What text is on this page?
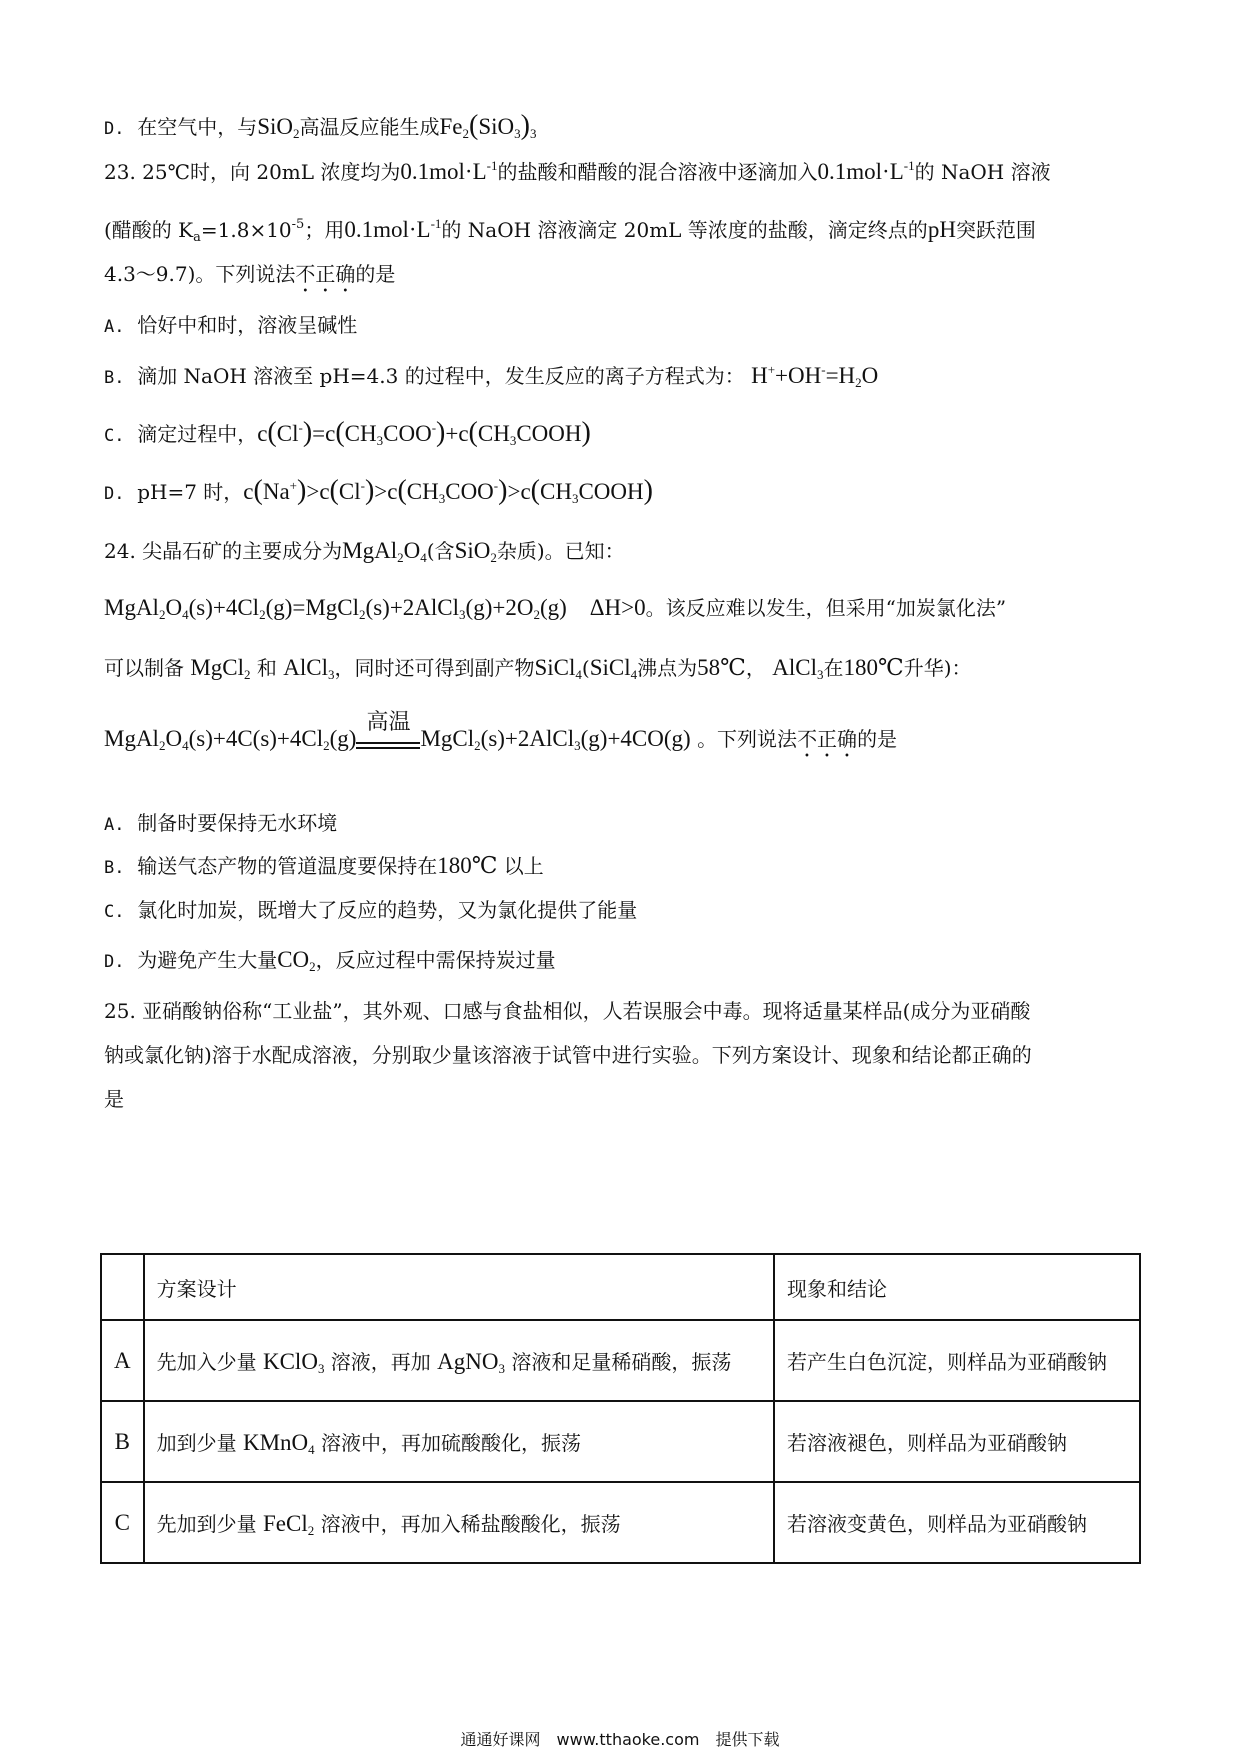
D. 在空气中，与SiO$_2$高温反应能生成$Fe_2(SiO_3)_3$
23. 25℃时，向 20mL 浓度均为$0.1mol\cdot L^{-1}$的盐酸和醋酸的混合溶液中逐滴加入$0.1mol\cdot L^{-1}$的 NaOH 溶液
(醋酸的 $K_a=1.8\times 10^{-5}$；用$0.1mol\cdot L^{-1}$的 NaOH 溶液滴定 20mL 等浓度的盐酸，滴定终点的pH突跃范围
4.3～9.7)。下列说法不正确的是
A. 恰好中和时，溶液呈碱性
B. 滴加 NaOH 溶液至 pH=4.3 的过程中，发生反应的离子方程式为： $H^++OH^-=H_2O$
C. 滴定过程中，$c(Cl^-)=c(CH_3COO^-)+c(CH_3COOH)$
D. pH=7 时，$c(Na^+)>c(Cl^-)>c(CH_3COO^-)>c(CH_3COOH)$
24. 尖晶石矿的主要成分为$MgAl_2O_4$(含SiO$_2$杂质)。已知：
$MgAl_2O_4(s)+4Cl_2(g)=MgCl_2(s)+2AlCl_3(g)+2O_2(g)$    ΔH>0。该反应难以发生，但采用“加炭氯化法”
可以制备 MgCl$_2$ 和 AlCl$_3$，同时还可得到副产物SiCl$_4$(SiCl$_4$沸点为58℃， AlCl$_3$在180℃升华)：
$MgAl_2O_4(s)+4C(s)+4Cl_2(g)$
高温
MgCl$_2$(s)+2AlCl$_3$(g)+4CO(g) 。下列说法不正确的是
A. 制备时要保持无水环境
B. 输送气态产物的管道温度要保持在180℃ 以上
C. 氯化时加炭，既增大了反应的趋势，又为氯化提供了能量
D. 为避免产生大量$CO_2$，反应过程中需保持炭过量
25. 亚硝酸钠俗称“工业盐”，其外观、口感与食盐相似，人若误服会中毒。现将适量某样品(成分为亚硝酸
钠或氯化钠)溶于水配成溶液，分别取少量该溶液于试管中进行实验。下列方案设计、现象和结论都正确的
是
	方案设计	现象和结论
A	先加入少量 KClO$_3$ 溶液，再加 AgNO$_3$ 溶液和足量稀硝酸，振荡	若产生白色沉淀，则样品为亚硝酸钠
B	加到少量 KMnO$_4$ 溶液中，再加硫酸酸化，振荡	若溶液褪色，则样品为亚硝酸钠
C	先加到少量 FeCl$_2$ 溶液中，再加入稀盐酸酸化，振荡	若溶液变黄色，则样品为亚硝酸钠
通通好课网　www.tthaoke.com　提供下载
